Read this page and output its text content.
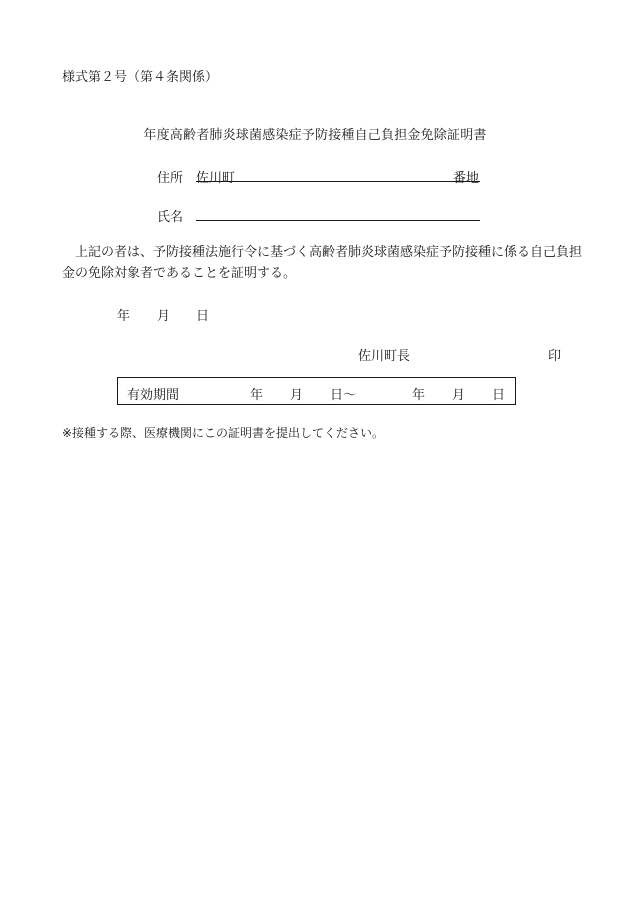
様式第２号（第４条関係）
年度高齢者肺炎球菌感染症予防接種自己負担金免除証明書
住所 佐川町	番地
氏名
上記の者は、予防接種法施行令に基づく高齢者肺炎球菌感染症予防接種に係る自己負担金の免除対象者であることを証明する。
年 月 日
佐川町長	印
有効期間	年 月 日～	年 月 日
※接種する際、医療機関にこの証明書を提出してください。
